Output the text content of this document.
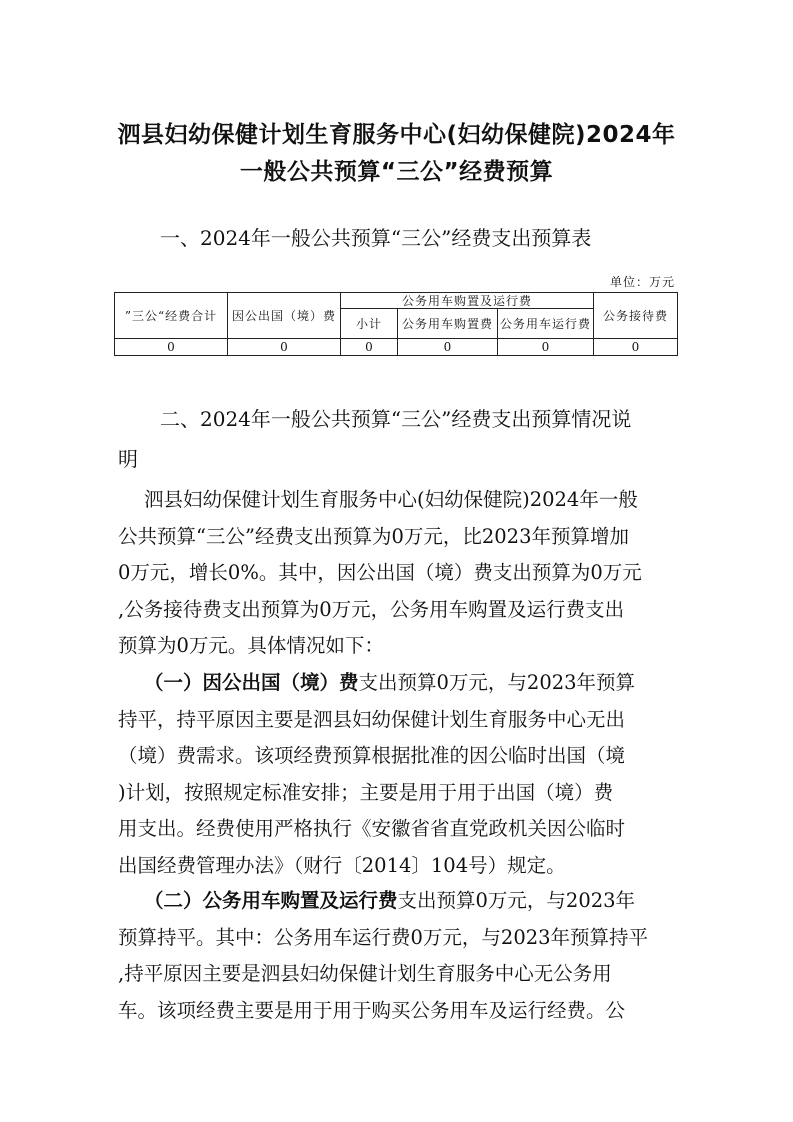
泗县妇幼保健计划生育服务中心(妇幼保健院)2024年
一般公共预算“三公”经费预算
一、2024年一般公共预算“三公”经费支出预算表
单位：万元
”三公“经费合计	因公出国（境）费	公务用车购置及运行费			公务接待费
		小计	公务用车购置费	公务用车运行费	
0	0	0	0	0	0
二、2024年一般公共预算“三公”经费支出预算情况说
明
泗县妇幼保健计划生育服务中心(妇幼保健院)2024年一般
公共预算“三公”经费支出预算为0万元，比2023年预算增加
0万元，增长0%。其中，因公出国（境）费支出预算为0万元
,公务接待费支出预算为0万元，公务用车购置及运行费支出
预算为0万元。具体情况如下：
（一）因公出国（境）费支出预算0万元，与2023年预算
持平，持平原因主要是泗县妇幼保健计划生育服务中心无出
（境）费需求。该项经费预算根据批准的因公临时出国（境
)计划，按照规定标准安排；主要是用于用于出国（境）费
用支出。经费使用严格执行《安徽省省直党政机关因公临时
出国经费管理办法》（财行〔2014〕104号）规定。
（二）公务用车购置及运行费支出预算0万元，与2023年
预算持平。其中：公务用车运行费0万元，与2023年预算持平
,持平原因主要是泗县妇幼保健计划生育服务中心无公务用
车。该项经费主要是用于用于购买公务用车及运行经费。公
